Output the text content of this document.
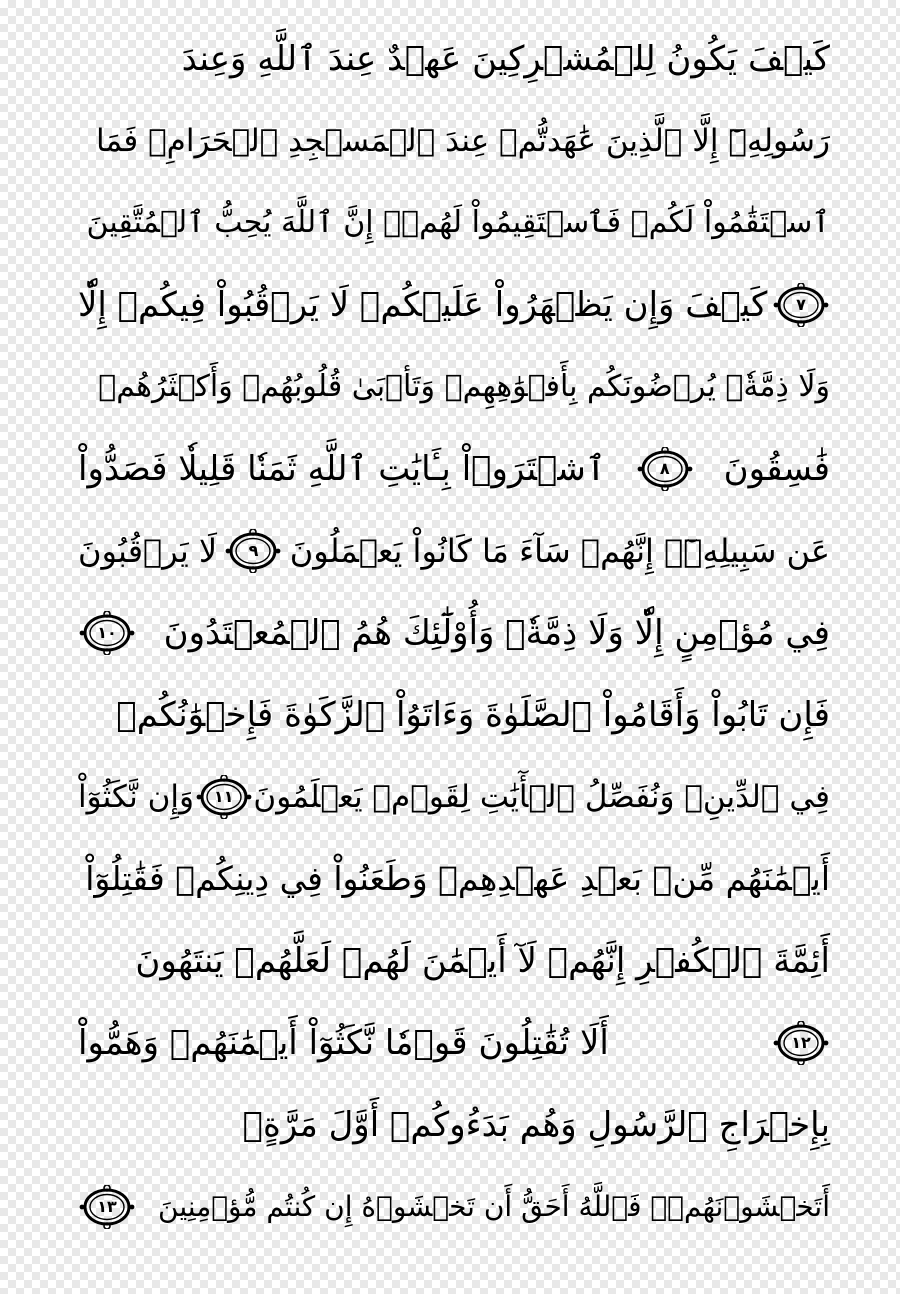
كَيۡفَ يَكُونُ لِلۡمُشۡرِكِينَ عَهۡدٌ عِندَ ٱللَّهِ وَعِندَ
رَسُولِهِۦٓ إِلَّا ٱلَّذِينَ عَٰهَدتُّمۡ عِندَ ٱلۡمَسۡجِدِ ٱلۡحَرَامِۖ فَمَا
ٱسۡتَقَٰمُواْ لَكُمۡ فَٱسۡتَقِيمُواْ لَهُمۡۚ إِنَّ ٱللَّهَ يُحِبُّ ٱلۡمُتَّقِينَ
٧
كَيۡفَ وَإِن يَظۡهَرُواْ عَلَيۡكُمۡ لَا يَرۡقُبُواْ فِيكُمۡ إِلّٗا
وَلَا ذِمَّةٗۚ يُرۡضُونَكُم بِأَفۡوَٰهِهِمۡ وَتَأۡبَىٰ قُلُوبُهُمۡ وَأَكۡثَرُهُمۡ
فَٰسِقُونَ
٨
ٱشۡتَرَوۡاْ بِـَٔايَٰتِ ٱللَّهِ ثَمَنٗا قَلِيلٗا فَصَدُّواْ
عَن سَبِيلِهِۦٓۚ إِنَّهُمۡ سَآءَ مَا كَانُواْ يَعۡمَلُونَ
٩
لَا يَرۡقُبُونَ
فِي مُؤۡمِنٍ إِلّٗا وَلَا ذِمَّةٗۚ وَأُوْلَٰٓئِكَ هُمُ ٱلۡمُعۡتَدُونَ
١٠
فَإِن تَابُواْ وَأَقَامُواْ ٱلصَّلَوٰةَ وَءَاتَوُاْ ٱلزَّكَوٰةَ فَإِخۡوَٰنُكُمۡ
فِي ٱلدِّينِۗ وَنُفَصِّلُ ٱلۡأٓيَٰتِ لِقَوۡمٖ يَعۡلَمُونَ
١١
وَإِن نَّكَثُوٓاْ
أَيۡمَٰنَهُم مِّنۢ بَعۡدِ عَهۡدِهِمۡ وَطَعَنُواْ فِي دِينِكُمۡ فَقَٰتِلُوٓاْ
أَئِمَّةَ ٱلۡكُفۡرِ إِنَّهُمۡ لَآ أَيۡمَٰنَ لَهُمۡ لَعَلَّهُمۡ يَنتَهُونَ
١٢
أَلَا تُقَٰتِلُونَ قَوۡمٗا نَّكَثُوٓاْ أَيۡمَٰنَهُمۡ وَهَمُّواْ
بِإِخۡرَاجِ ٱلرَّسُولِ وَهُم بَدَءُوكُمۡ أَوَّلَ مَرَّةٍۚ
أَتَخۡشَوۡنَهُمۡۚ فَٱللَّهُ أَحَقُّ أَن تَخۡشَوۡهُ إِن كُنتُم مُّؤۡمِنِينَ
١٣
